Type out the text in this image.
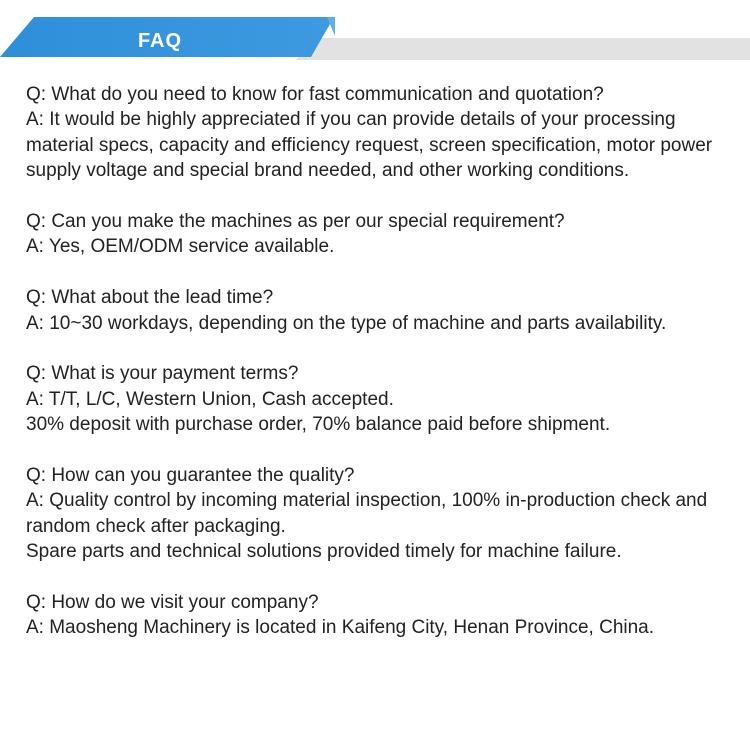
FAQ

Q: What do you need to know for fast communication and quotation?

A: It would be highly appreciated if you can provide details of your processing material specs, capacity and efficiency request, screen specification, motor power supply voltage and special brand needed, and other working conditions.

Q: Can you make the machines as per our special requirement?

A: Yes, OEM/ODM service available.

Q: What about the lead time?

A: 10~30 workdays, depending on the type of machine and parts availability.

Q: What is your payment terms?

A: T/T, L/C, Western Union, Cash accepted.

30% deposit with purchase order, 70% balance paid before shipment.

Q: How can you guarantee the quality?

A: Quality control by incoming material inspection, 100% in-production check and random check after packaging.

Spare parts and technical solutions provided timely for machine failure.

Q: How do we visit your company?

A: Maosheng Machinery is located in Kaifeng City, Henan Province, China.
